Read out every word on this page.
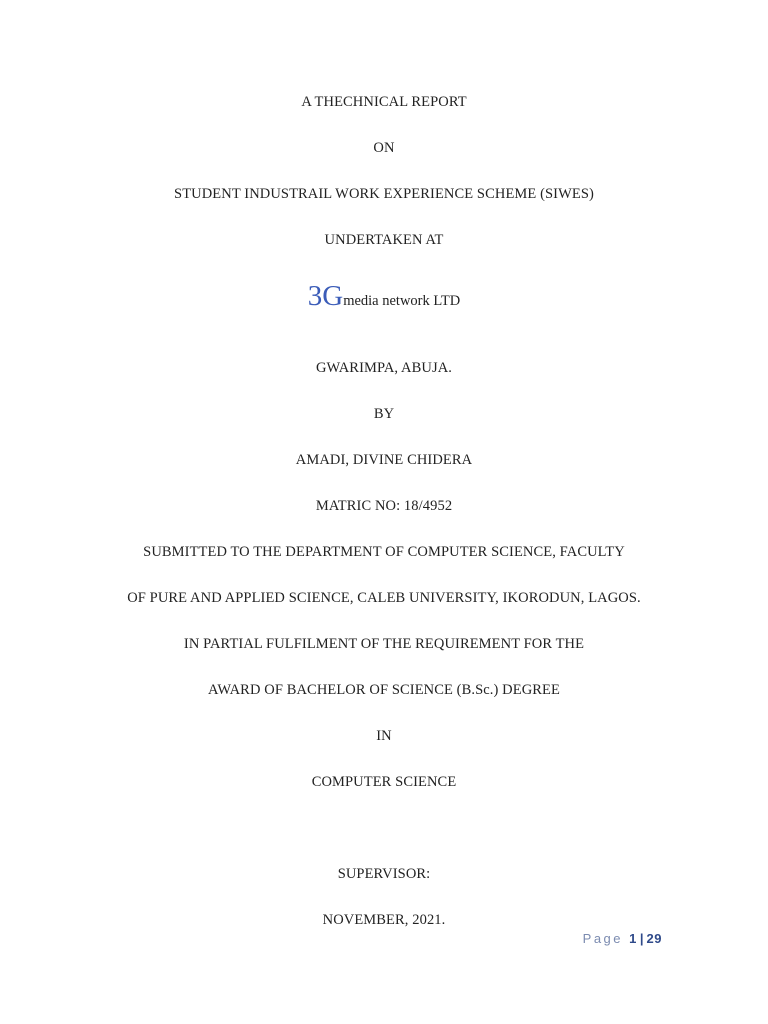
A THECHNICAL REPORT
ON
STUDENT INDUSTRAIL WORK EXPERIENCE SCHEME (SIWES)
UNDERTAKEN AT
3Gmedia network LTD
GWARIMPA, ABUJA.
BY
AMADI, DIVINE CHIDERA
MATRIC NO: 18/4952
SUBMITTED TO THE DEPARTMENT OF COMPUTER SCIENCE, FACULTY
OF PURE AND APPLIED SCIENCE, CALEB UNIVERSITY, IKORODUN, LAGOS.
IN PARTIAL FULFILMENT OF THE REQUIREMENT FOR THE
AWARD OF BACHELOR OF SCIENCE (B.Sc.) DEGREE
IN
COMPUTER SCIENCE
SUPERVISOR:
NOVEMBER, 2021.
Page 1 | 29
